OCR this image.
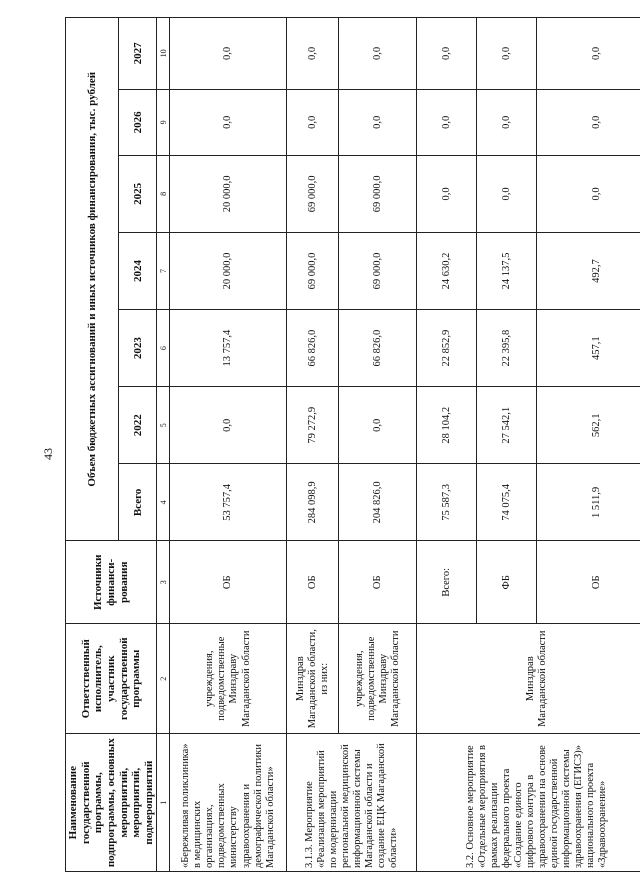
43
Наименование государственной программы, подпрограммы, основных мероприятий, мероприятий, подмероприятий	Ответственный исполнитель, участник государственной программы	Источники финанси-рования	Объем бюджетных ассигнований и иных источников финансирования, тыс. рублей						
			Всего	2022	2023	2024	2025	2026	2027
1	2	3	4	5	6	7	8	9	10
«Бережливая поликлиника» в медицинских организациях, подведомственных министерству здравоохранения и демографической политики Магаданской области»	учреждения, подведомственные Минздраву Магаданской области	ОБ	53 757,4	0,0	13 757,4	20 000,0	20 000,0	0,0	0,0
3.1.3. Мероприятие «Реализация мероприятий по модернизации региональной медицинской информационной системы Магаданской области и создание ЕЦК Магаданской области»	Минздрав Магаданской области, из них:	ОБ	284 098,9	79 272,9	66 826,0	69 000,0	69 000,0	0,0	0,0
	учреждения, подведомственные Минздраву Магаданской области	ОБ	204 826,0	0,0	66 826,0	69 000,0	69 000,0	0,0	0,0
3.2. Основное мероприятие «Отдельные мероприятия в рамках реализации федерального проекта «Создание единого цифрового контура в здравоохранении на основе единой государственной информационной системы здравоохранения (ЕГИСЗ)» национального проекта «Здравоохранение»	Минздрав Магаданской области	Всего:	75 587,3	28 104,2	22 852,9	24 630,2	0,0	0,0	0,0
		ФБ	74 075,4	27 542,1	22 395,8	24 137,5	0,0	0,0	0,0
		ОБ	1 511,9	562,1	457,1	492,7	0,0	0,0	0,0
